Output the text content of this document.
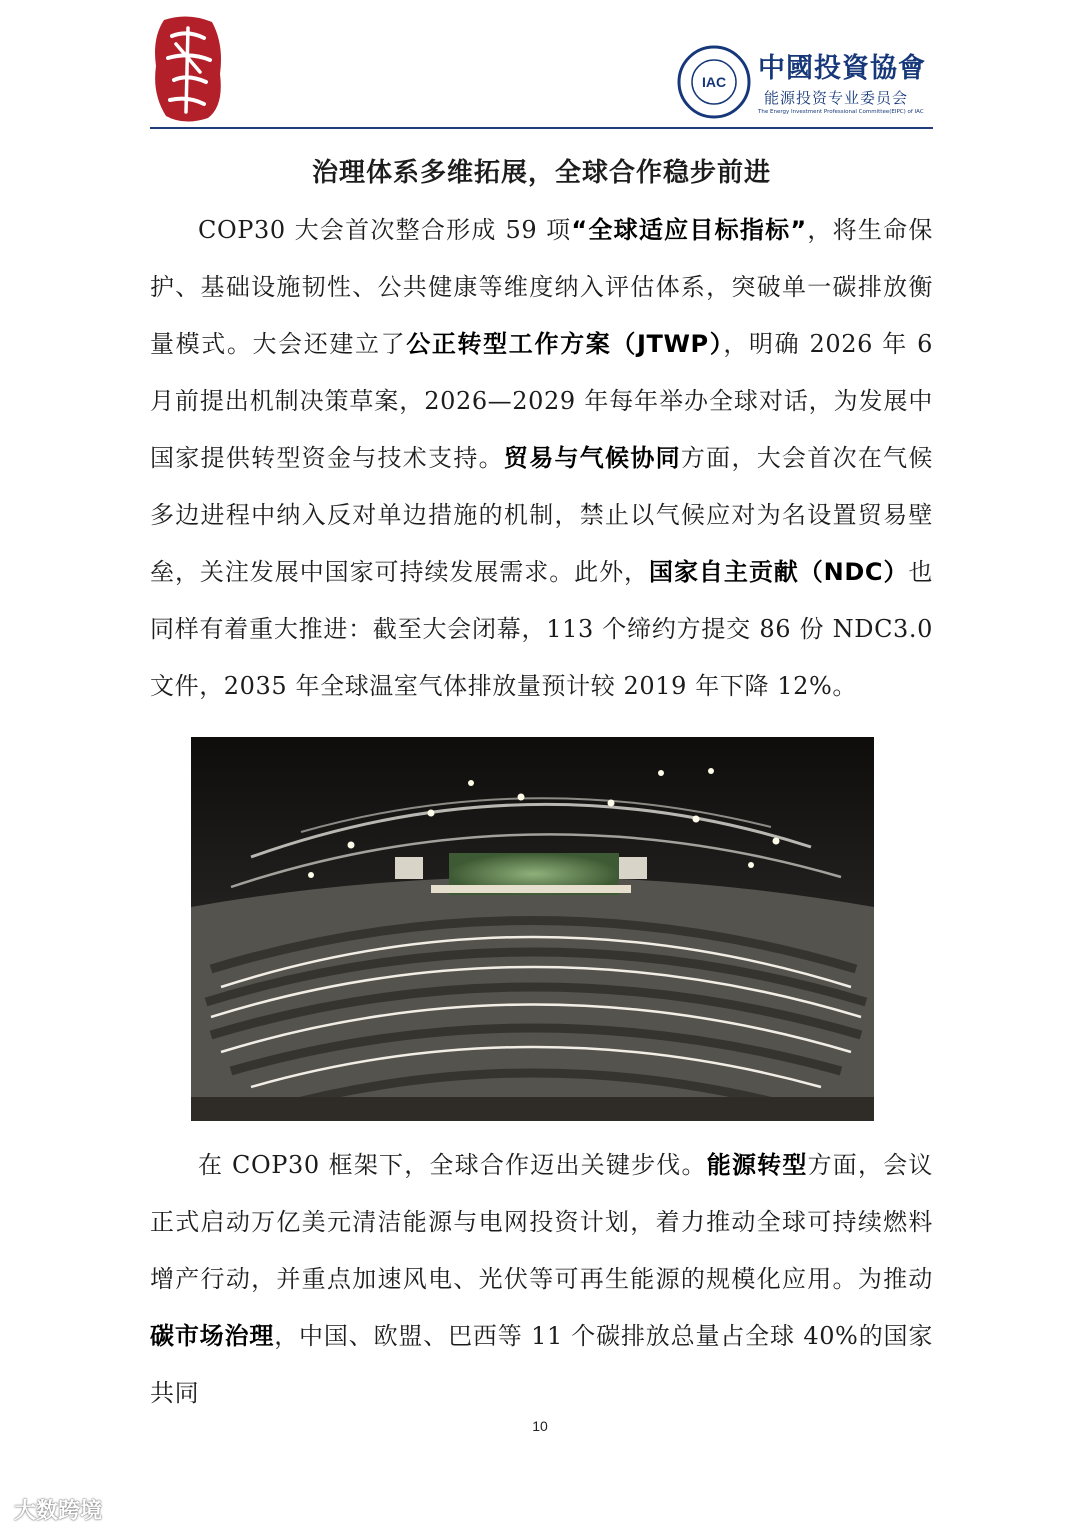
IAC 中國投資協會
能源投资专业委员会
The Energy Investment Professional Committee(EIPC) of IAC
治理体系多维拓展，全球合作稳步前进

COP30 大会首次整合形成 59 项“全球适应目标指标”，将生命保护、基础设施韧性、公共健康等维度纳入评估体系，突破单一碳排放衡量模式。大会还建立了公正转型工作方案（JTWP），明确 2026 年 6 月前提出机制决策草案，2026—2029 年每年举办全球对话，为发展中国家提供转型资金与技术支持。贸易与气候协同方面，大会首次在气候多边进程中纳入反对单边措施的机制，禁止以气候应对为名设置贸易壁垒，关注发展中国家可持续发展需求。此外，国家自主贡献（NDC）也同样有着重大推进：截至大会闭幕，113 个缔约方提交 86 份 NDC3.0 文件，2035 年全球温室气体排放量预计较 2019 年下降 12%。

在 COP30 框架下，全球合作迈出关键步伐。能源转型方面，会议正式启动万亿美元清洁能源与电网投资计划，着力推动全球可持续燃料增产行动，并重点加速风电、光伏等可再生能源的规模化应用。为推动碳市场治理，中国、欧盟、巴西等 11 个碳排放总量占全球 40%的国家共同

10
大数跨境
